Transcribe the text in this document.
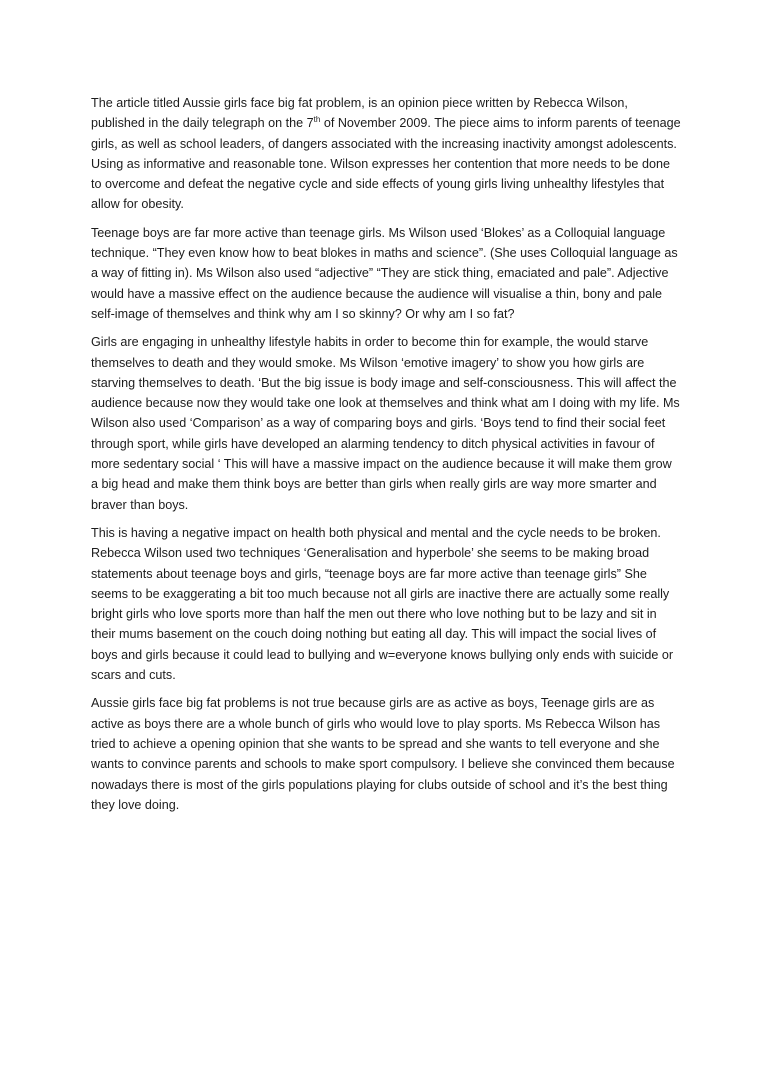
The article titled Aussie girls face big fat problem, is an opinion piece written by Rebecca Wilson, published in the daily telegraph on the 7th of November 2009. The piece aims to inform parents of teenage girls, as well as school leaders, of dangers associated with the increasing inactivity amongst adolescents. Using as informative and reasonable tone. Wilson expresses her contention that more needs to be done to overcome and defeat the negative cycle and side effects of young girls living unhealthy lifestyles that allow for obesity.

Teenage boys are far more active than teenage girls. Ms Wilson used ‘Blokes’ as a Colloquial language technique. “They even know how to beat blokes in maths and science”. (She uses Colloquial language as a way of fitting in). Ms Wilson also used “adjective” “They are stick thing, emaciated and pale”. Adjective would have a massive effect on the audience because the audience will visualise a thin, bony and pale self-image of themselves and think why am I so skinny? Or why am I so fat?

Girls are engaging in unhealthy lifestyle habits in order to become thin for example, the would starve themselves to death and they would smoke. Ms Wilson ‘emotive imagery’ to show you how girls are starving themselves to death. ‘But the big issue is body image and self-consciousness. This will affect the audience because now they would take one look at themselves and think what am I doing with my life. Ms Wilson also used ‘Comparison’ as a way of comparing boys and girls. ‘Boys tend to find their social feet through sport, while girls have developed an alarming tendency to ditch physical activities in favour of more sedentary social ‘ This will have a massive impact on the audience because it will make them grow a big head and make them think boys are better than girls when really girls are way more smarter and braver than boys.

This is having a negative impact on health both physical and mental and the cycle needs to be broken. Rebecca Wilson used two techniques ‘Generalisation and hyperbole’ she seems to be making broad statements about teenage boys and girls, “teenage boys are far more active than teenage girls” She seems to be exaggerating a bit too much because not all girls are inactive there are actually some really bright girls who love sports more than half the men out there who love nothing but to be lazy and sit in their mums basement on the couch doing nothing but eating all day. This will impact the social lives of boys and girls because it could lead to bullying and w=everyone knows bullying only ends with suicide or scars and cuts.

Aussie girls face big fat problems is not true because girls are as active as boys, Teenage girls are as active as boys there are a whole bunch of girls who would love to play sports. Ms Rebecca Wilson has tried to achieve a opening opinion that she wants to be spread and she wants to tell everyone and she wants to convince parents and schools to make sport compulsory. I believe she convinced them because nowadays there is most of the girls populations playing for clubs outside of school and it’s the best thing they love doing.
